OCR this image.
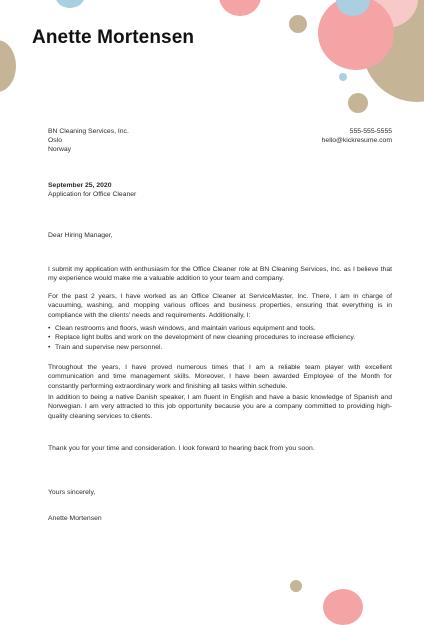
Anette Mortensen
BN Cleaning Services, Inc.
Oslo
Norway
555-555-5555
hello@kickresume.com
September 25, 2020
Application for Office Cleaner
Dear Hiring Manager,

I submit my application with enthusiasm for the Office Cleaner role at BN Cleaning Services, Inc. as I believe that my experience would make me a valuable addition to your team and company.

For the past 2 years, I have worked as an Office Cleaner at ServiceMaster, Inc. There, I am in charge of vacuuming, washing, and mopping various offices and business properties, ensuring that everything is in compliance with the clients' needs and requirements. Additionally, I:

• Clean restrooms and floors, wash windows, and maintain various equipment and tools.
• Replace light bulbs and work on the development of new cleaning procedures to increase efficiency.
• Train and supervise new personnel.

Throughout the years, I have proved numerous times that I am a reliable team player with excellent communication and time management skills. Moreover, I have been awarded Employee of the Month for constantly performing extraordinary work and finishing all tasks within schedule.

In addition to being a native Danish speaker, I am fluent in English and have a basic knowledge of Spanish and Norwegian. I am very attracted to this job opportunity because you are a company committed to providing high-quality cleaning services to clients.

Thank you for your time and consideration. I look forward to hearing back from you soon.

Yours sincerely,
Anette Mortensen
